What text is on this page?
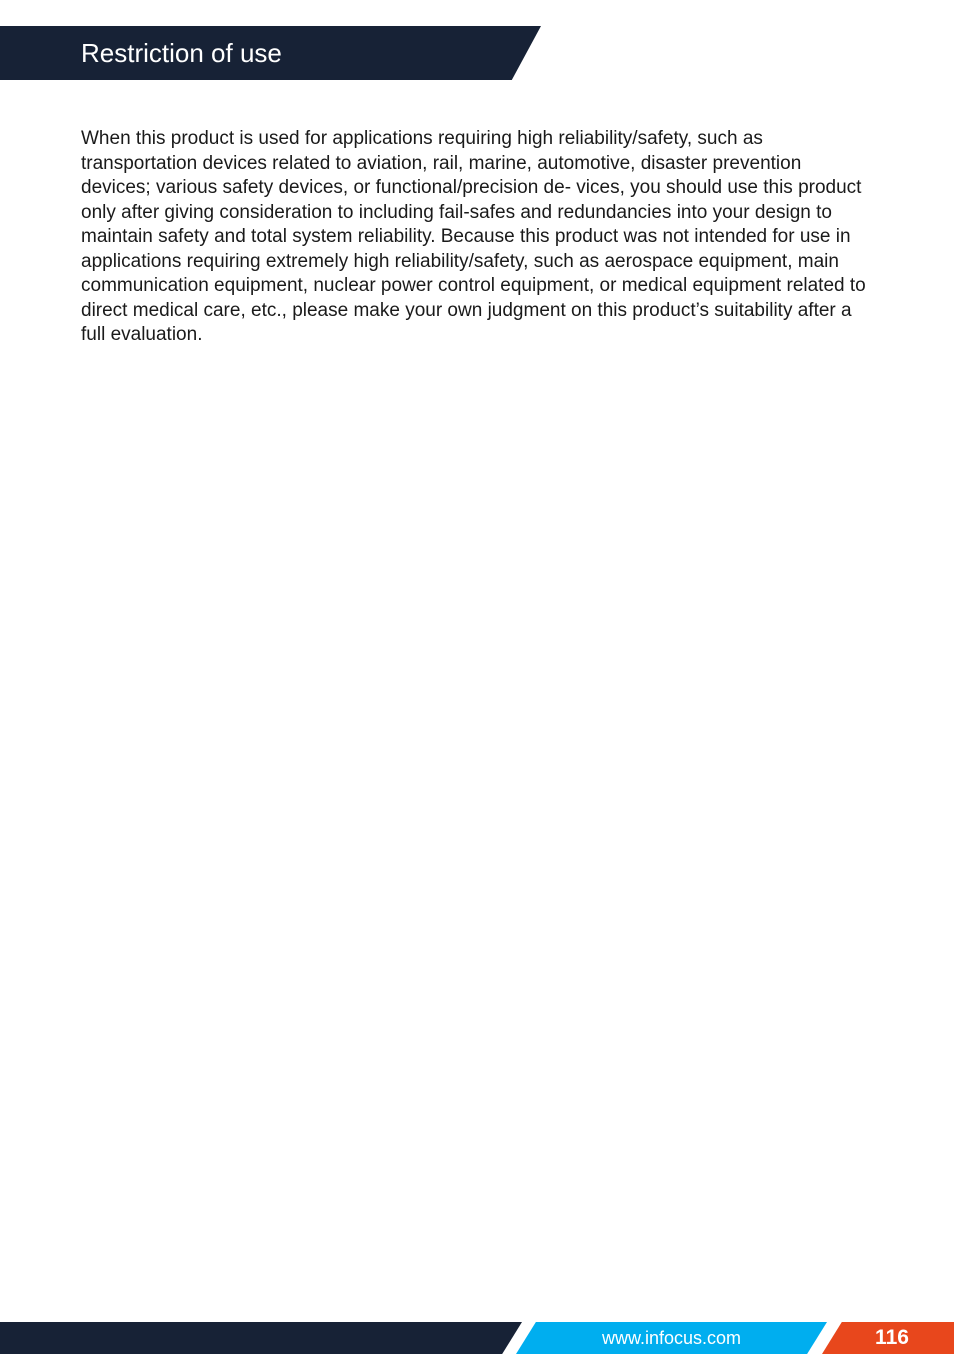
Restriction of use

When this product is used for applications requiring high reliability/safety, such as transportation devices related to aviation, rail, marine, automotive, disaster prevention devices; various safety devices, or functional/precision de- vices, you should use this product only after giving consideration to including fail-safes and redundancies into your design to maintain safety and total system reliability. Because this product was not intended for use in applications requiring extremely high reliability/safety, such as aerospace equipment, main communication equipment, nuclear power control equipment, or medical equipment related to direct medical care, etc., please make your own judgment on this product’s suitability after a full evaluation.

www.infocus.com	116
